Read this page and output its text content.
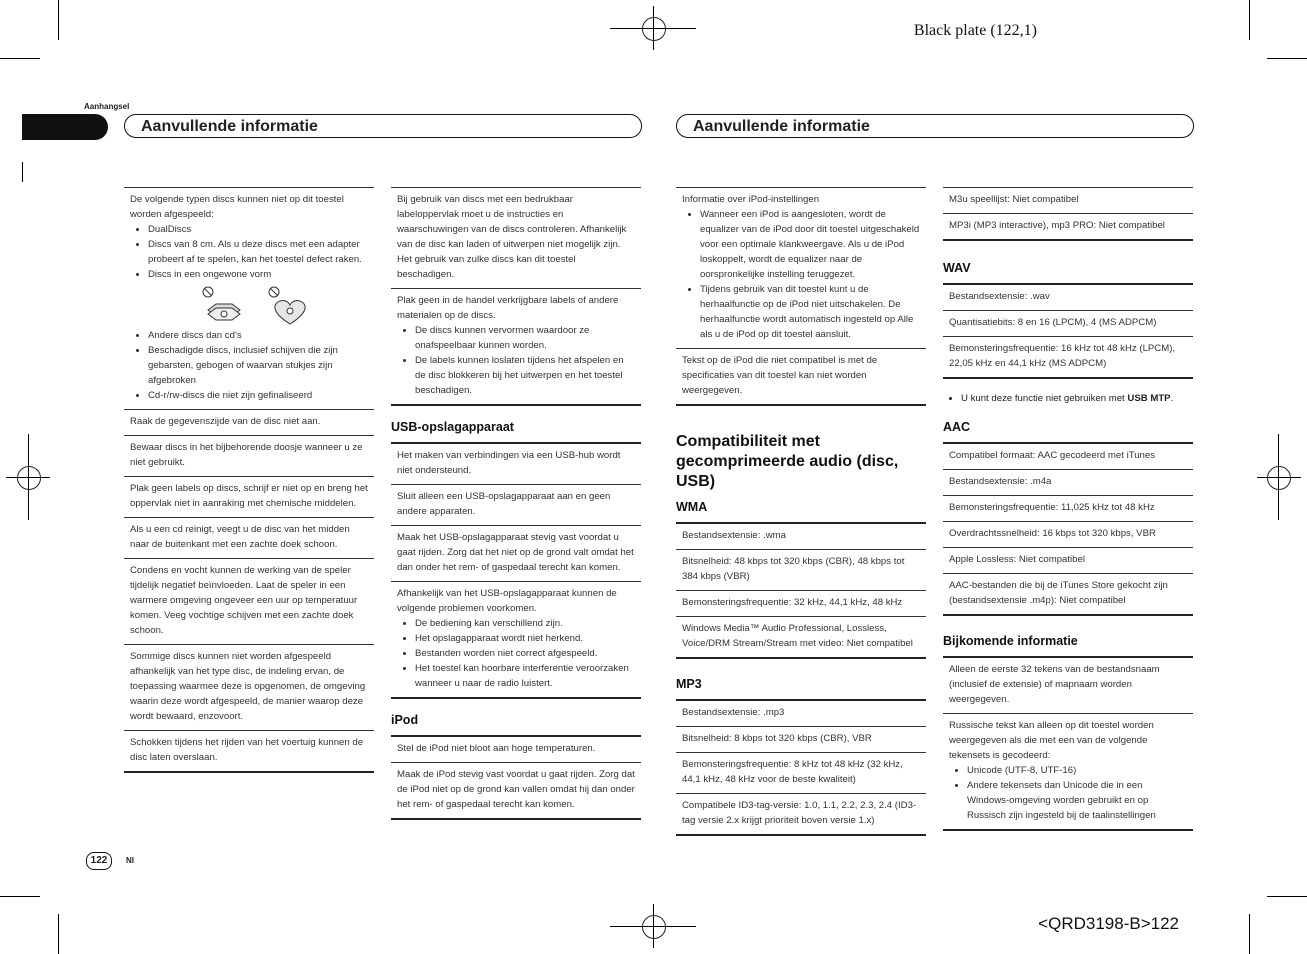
Black plate (122,1)
Aanhangsel
Aanvullende informatie	Aanvullende informatie
De volgende typen discs kunnen niet op dit toestel worden afgespeeld:
• DualDiscs
• Discs van 8 cm. Als u deze discs met een adapter probeert af te spelen, kan het toestel defect raken.
• Discs in een ongewone vorm
• Andere discs dan cd’s
• Beschadigde discs, inclusief schijven die zijn gebarsten, gebogen of waarvan stukjes zijn afgebroken
• Cd-r/rw-discs die niet zijn gefinaliseerd
Raak de gegevenszijde van de disc niet aan.
Bewaar discs in het bijbehorende doosje wanneer u ze niet gebruikt.
Plak geen labels op discs, schrijf er niet op en breng het oppervlak niet in aanraking met chemische middelen.
Als u een cd reinigt, veegt u de disc van het midden naar de buitenkant met een zachte doek schoon.
Condens en vocht kunnen de werking van de speler tijdelijk negatief beïnvloeden. Laat de speler in een warmere omgeving ongeveer een uur op temperatuur komen. Veeg vochtige schijven met een zachte doek schoon.
Sommige discs kunnen niet worden afgespeeld afhankelijk van het type disc, de indeling ervan, de toepassing waarmee deze is opgenomen, de omgeving waarin deze wordt afgespeeld, de manier waarop deze wordt bewaard, enzovoort.
Schokken tijdens het rijden van het voertuig kunnen de disc laten overslaan.
Bij gebruik van discs met een bedrukbaar labeloppervlak moet u de instructies en waarschuwingen van de discs controleren. Afhankelijk van de disc kan laden of uitwerpen niet mogelijk zijn. Het gebruik van zulke discs kan dit toestel beschadigen.
Plak geen in de handel verkrijgbare labels of andere materialen op de discs.
• De discs kunnen vervormen waardoor ze onafspeelbaar kunnen worden.
• De labels kunnen loslaten tijdens het afspelen en de disc blokkeren bij het uitwerpen en het toestel beschadigen.
USB-opslagapparaat
Het maken van verbindingen via een USB-hub wordt niet ondersteund.
Sluit alleen een USB-opslagapparaat aan en geen andere apparaten.
Maak het USB-opslagapparaat stevig vast voordat u gaat rijden. Zorg dat het niet op de grond valt omdat het dan onder het rem- of gaspedaal terecht kan komen.
Afhankelijk van het USB-opslagapparaat kunnen de volgende problemen voorkomen.
• De bediening kan verschillend zijn.
• Het opslagapparaat wordt niet herkend.
• Bestanden worden niet correct afgespeeld.
• Het toestel kan hoorbare interferentie veroorzaken wanneer u naar de radio luistert.
iPod
Stel de iPod niet bloot aan hoge temperaturen.
Maak de iPod stevig vast voordat u gaat rijden. Zorg dat de iPod niet op de grond kan vallen omdat hij dan onder het rem- of gaspedaal terecht kan komen.
Informatie over iPod-instellingen
• Wanneer een iPod is aangesloten, wordt de equalizer van de iPod door dit toestel uitgeschakeld voor een optimale klankweergave. Als u de iPod loskoppelt, wordt de equalizer naar de oorspronkelijke instelling teruggezet.
• Tijdens gebruik van dit toestel kunt u de herhaalfunctie op de iPod niet uitschakelen. De herhaalfunctie wordt automatisch ingesteld op Alle als u de iPod op dit toestel aansluit.
Tekst op de iPod die niet compatibel is met de specificaties van dit toestel kan niet worden weergegeven.
Compatibiliteit met gecomprimeerde audio (disc, USB)
WMA
Bestandsextensie: .wma
Bitsnelheid: 48 kbps tot 320 kbps (CBR), 48 kbps tot 384 kbps (VBR)
Bemonsteringsfrequentie: 32 kHz, 44,1 kHz, 48 kHz
Windows Media™ Audio Professional, Lossless, Voice/DRM Stream/Stream met video: Niet compatibel
MP3
Bestandsextensie: .mp3
Bitsnelheid: 8 kbps tot 320 kbps (CBR), VBR
Bemonsteringsfrequentie: 8 kHz tot 48 kHz (32 kHz, 44,1 kHz, 48 kHz voor de beste kwaliteit)
Compatibele ID3-tag-versie: 1.0, 1.1, 2.2, 2.3, 2.4 (ID3-tag versie 2.x krijgt prioriteit boven versie 1.x)
M3u speellijst: Niet compatibel
MP3i (MP3 interactive), mp3 PRO: Niet compatibel
WAV
Bestandsextensie: .wav
Quantisatiebits: 8 en 16 (LPCM), 4 (MS ADPCM)
Bemonsteringsfrequentie: 16 kHz tot 48 kHz (LPCM), 22,05 kHz en 44,1 kHz (MS ADPCM)
• U kunt deze functie niet gebruiken met USB MTP.
AAC
Compatibel formaat: AAC gecodeerd met iTunes
Bestandsextensie: .m4a
Bemonsteringsfrequentie: 11,025 kHz tot 48 kHz
Overdrachtssnelheid: 16 kbps tot 320 kbps, VBR
Apple Lossless: Niet compatibel
AAC-bestanden die bij de iTunes Store gekocht zijn (bestandsextensie .m4p): Niet compatibel
Bijkomende informatie
Alleen de eerste 32 tekens van de bestandsnaam (inclusief de extensie) of mapnaam worden weergegeven.
Russische tekst kan alleen op dit toestel worden weergegeven als die met een van de volgende tekensets is gecodeerd:
• Unicode (UTF-8, UTF-16)
• Andere tekensets dan Unicode die in een Windows-omgeving worden gebruikt en op Russisch zijn ingesteld bij de taalinstellingen
122	Nl
<QRD3198-B>122
